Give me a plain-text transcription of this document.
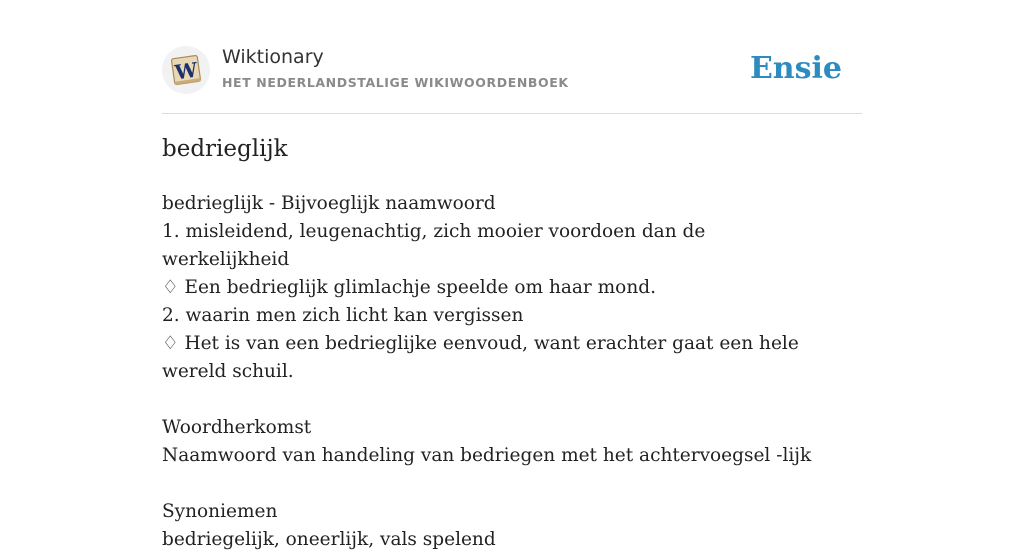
W
Wiktionary
HET NEDERLANDSTALIGE WIKIWOORDENBOEK	Ensie
bedrieglijk
bedrieglijk - Bijvoeglijk naamwoord
1. misleidend, leugenachtig, zich mooier voordoen dan de werkelijkheid
♢ Een bedrieglijk glimlachje speelde om haar mond.
2. waarin men zich licht kan vergissen
♢ Het is van een bedrieglijke eenvoud, want erachter gaat een hele wereld schuil.
Woordherkomst
Naamwoord van handeling van bedriegen met het achtervoegsel -lijk
Synoniemen
bedriegelijk, oneerlijk, vals spelend
